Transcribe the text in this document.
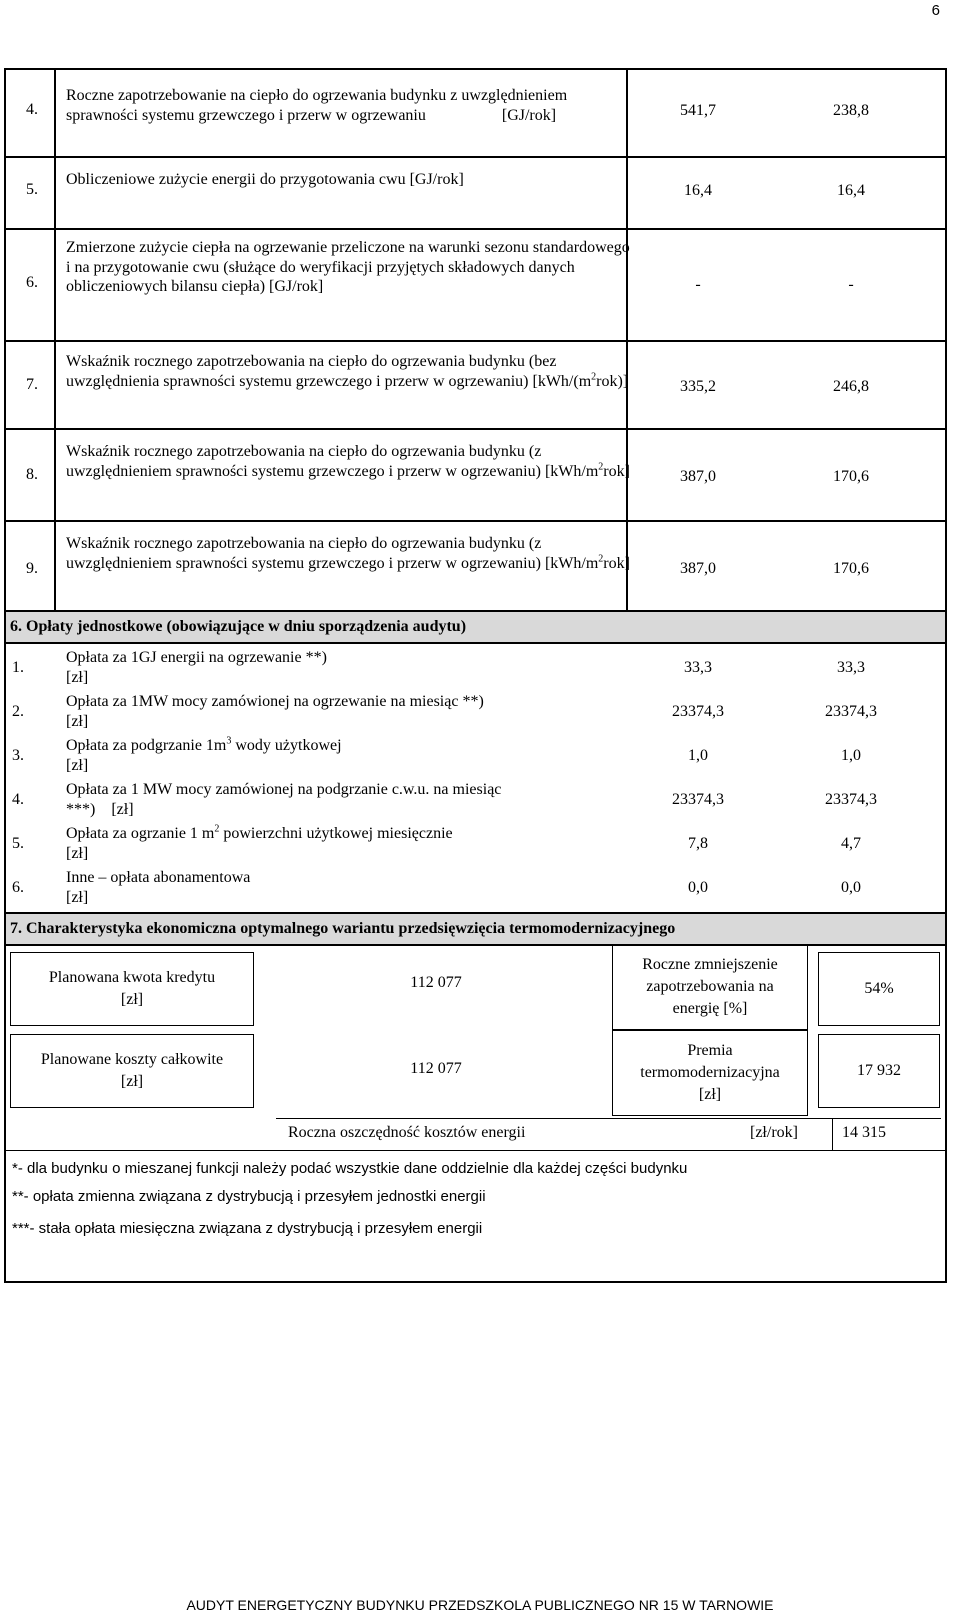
6
4.
Roczne zapotrzebowanie na ciepło do ogrzewania budynku z uwzględnieniem sprawności systemu grzewczego i przerw w ogrzewaniu                   [GJ/rok]	541,7	238,8
5.
Obliczeniowe zużycie energii do przygotowania cwu [GJ/rok]
16,4	16,4
6.
Zmierzone zużycie ciepła na ogrzewanie przeliczone na warunki sezonu standardowego i na przygotowanie cwu (służące do weryfikacji przyjętych składowych danych obliczeniowych bilansu ciepła) [GJ/rok]	-	-
7.
Wskaźnik rocznego zapotrzebowania na ciepło do ogrzewania budynku (bez uwzględnienia sprawności systemu grzewczego i przerw w ogrzewaniu) $[kWh/(m^2rok)]$	335,2	246,8
8.
Wskaźnik rocznego zapotrzebowania na ciepło do ogrzewania budynku (z uwzględnieniem sprawności systemu grzewczego i przerw w ogrzewaniu) $[kWh/m^2rok]$	387,0	170,6
9.
Wskaźnik rocznego zapotrzebowania na ciepło do ogrzewania budynku (z uwzględnieniem sprawności systemu grzewczego i przerw w ogrzewaniu) $[kWh/m^2rok]$	387,0	170,6
6. Opłaty jednostkowe (obowiązujące w dniu sporządzenia audytu)
1.
Opłata za 1GJ energii na ogrzewanie **)
[zł]
33,3	33,3
2.
Opłata za 1MW mocy zamówionej na ogrzewanie na miesiąc **)
[zł]
23374,3	23374,3
3.
Opłata za podgrzanie $1m^3$ wody użytkowej
[zł]
1,0	1,0
4.
Opłata za 1 MW mocy zamówionej na podgrzanie c.w.u. na miesiąc
***)    [zł]
23374,3	23374,3
5.
Opłata za ogrzanie 1 $m^2$ powierzchni użytkowej miesięcznie
[zł]
7,8	4,7
6.
Inne – opłata abonamentowa
[zł]
0,0	0,0
7. Charakterystyka ekonomiczna optymalnego wariantu przedsięwzięcia termomodernizacyjnego
Planowana kwota kredytu
[zł]
112 077
Roczne zmniejszenie
zapotrzebowania na
energię [%]
54%
Planowane koszty całkowite
[zł]
112 077
Premia
termomodernizacyjna
[zł]
17 932
Roczna oszczędność kosztów energii	[zł/rok]	14 315
*- dla budynku o mieszanej funkcji należy podać wszystkie dane oddzielnie dla każdej części budynku
**- opłata zmienna związana z dystrybucją i przesyłem jednostki energii
***- stała opłata miesięczna związana z dystrybucją i przesyłem energii
AUDYT ENERGETYCZNY BUDYNKU PRZEDSZKOLA PUBLICZNEGO NR 15 W TARNOWIE
